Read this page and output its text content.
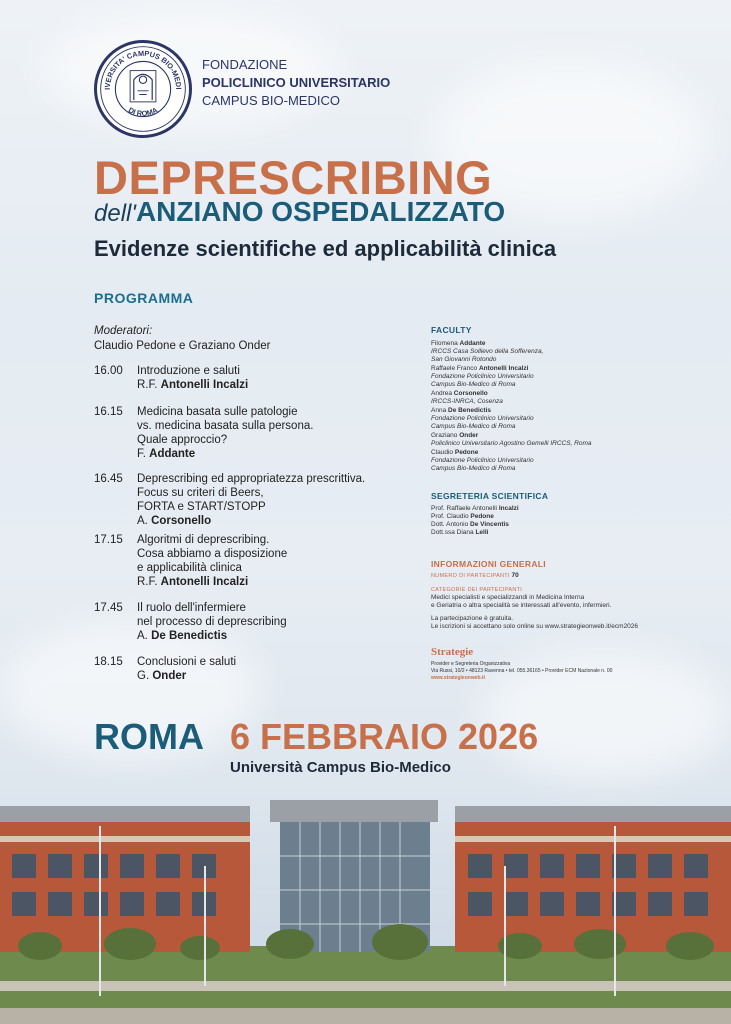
IVERSITA' CAMPUS BIO-MEDI
DI ROMA
FONDAZIONE
POLICLINICO UNIVERSITARIO
CAMPUS BIO-MEDICO
DEPRESCRIBING
dell'ANZIANO OSPEDALIZZATO
Evidenze scientifiche ed applicabilità clinica
PROGRAMMA
Moderatori:
Claudio Pedone e Graziano Onder
16.00	Introduzione e saluti
R.F. Antonelli Incalzi
16.15	Medicina basata sulle patologie
vs. medicina basata sulla persona.
Quale approccio?
F. Addante
16.45	Deprescribing ed appropriatezza prescrittiva.
Focus su criteri di Beers,
FORTA e START/STOPP
A. Corsonello
17.15	Algoritmi di deprescribing.
Cosa abbiamo a disposizione
e applicabilità clinica
R.F. Antonelli Incalzi
17.45	Il ruolo dell'infermiere
nel processo di deprescribing
A. De Benedictis
18.15	Conclusioni e saluti
G. Onder
FACULTY
Filomena Addante
IRCCS Casa Sollievo della Sofferenza,
San Giovanni Rotondo
Raffaele Franco Antonelli Incalzi
Fondazione Policlinico Universitario
Campus Bio-Medico di Roma
Andrea Corsonello
IRCCS-INRCA, Cosenza
Anna De Benedictis
Fondazione Policlinico Universitario
Campus Bio-Medico di Roma
Graziano Onder
Policlinico Universitario Agostino Gemelli IRCCS, Roma
Claudio Pedone
Fondazione Policlinico Universitario
Campus Bio-Medico di Roma
SEGRETERIA SCIENTIFICA
Prof. Raffaele Antonelli Incalzi
Prof. Claudio Pedone
Dott. Antonio De Vincentis
Dott.ssa Diana Lelli
INFORMAZIONI GENERALI
NUMERO DI PARTECIPANTI 70
CATEGORIE DEI PARTECIPANTI
Medici specialisti e specializzandi in Medicina Interna
e Geriatria o altra specialità se interessati all'evento, infermieri.
La partecipazione è gratuita.
Le iscrizioni si accettano solo online su www.strategieonweb.it/ecm2026
Strategie
Provider e Segreteria Organizzativa
Via Russi, 10/2 • 48123 Ravenna • tel. 055.36165 • Provider ECM Nazionale n. 00
www.strategieonweb.it
ROMA 6 FEBBRAIO 2026
Università Campus Bio-Medico
